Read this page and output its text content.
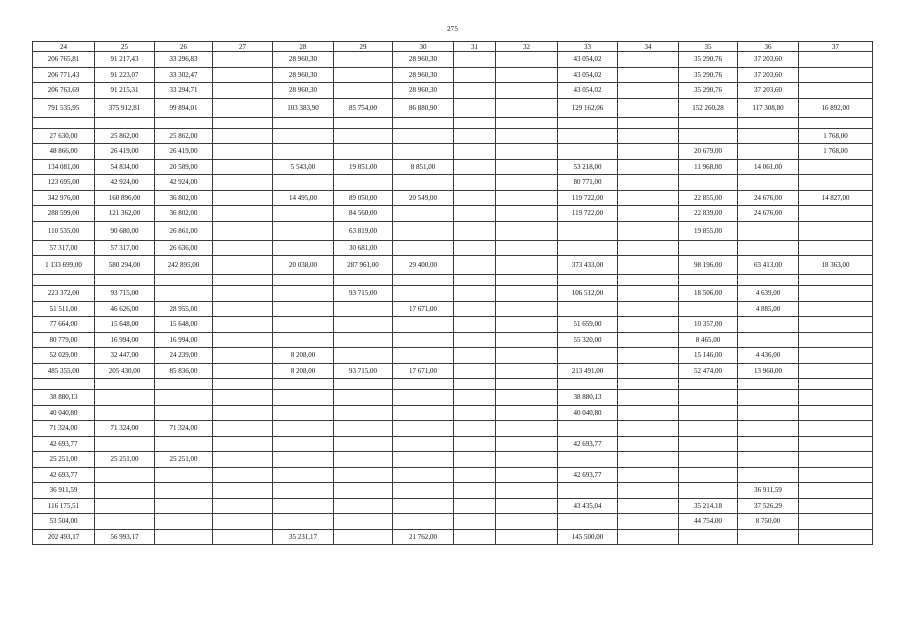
275
24	25	26	27	28	29	30	31	32	33	34	35	36	37
206 765,81	91 217,43	33 296,83		28 960,30		28 960,30			43 054,02		35 290,76	37 203,60	
206 771,43	91 223,07	33 302,47		28 960,30		28 960,30			43 054,02		35 290,76	37 203,60	
206 763,69	91 215,31	33 294,71		28 960,30		28 960,30			43 054,02		35 290,76	37 203,60	
791 535,95	375 912,81	99 894,01		103 383,90	85 754,00	86 880,90			129 162,06		152 260,28	117 308,80	16 892,00

27 630,00	25 862,00	25 862,00											1 768,00
48 866,00	26 419,00	26 419,00									20 679,00		1 768,00
134 081,00	54 834,00	20 589,00		5 543,00	19 851,00	8 851,00			53 218,00		11 968,00	14 061,00	
123 695,00	42 924,00	42 924,00							80 771,00				
342 976,00	160 896,00	36 802,00		14 495,00	89 050,00	20 549,00			119 722,00		22 855,00	24 676,00	14 827,00
288 599,00	121 362,00	36 802,00			84 560,00				119 722,00		22 839,00	24 676,00	
110 535,00	90 680,00	26 861,00			63 819,00						19 855,00		
57 317,00	57 317,00	26 636,00			30 681,00								
1 133 699,00	580 294,00	242 895,00		20 038,00	287 961,00	29 400,00			373 433,00		98 196,00	63 413,00	18 363,00

223 372,00	93 715,00				93 715,00				106 512,00		18 506,00	4 639,00	
51 511,00	46 626,00	28 955,00				17 671,00						4 885,00	
77 664,00	15 648,00	15 648,00							51 659,00		10 357,00		
80 779,00	16 994,00	16 994,00							55 320,00		8 465,00		
52 029,00	32 447,00	24 239,00		8 208,00							15 146,00	4 436,00	
485 355,00	205 430,00	85 836,00		8 208,00	93 715,00	17 671,00			213 491,00		52 474,00	13 960,00	

38 880,13									38 880,13				
40 040,80									40 040,80				
71 324,00	71 324,00	71 324,00											
42 693,77									42 693,77				
25 251,00	25 251,00	25 251,00											
42 693,77									42 693,77				
36 911,59												36 911,59	
116 175,51									43 435,04		35 214,18	37 526,29	
53 504,00											44 754,00	8 750,00	
202 493,17	56 993,17			35 231,17		21 762,00			145 500,00				
